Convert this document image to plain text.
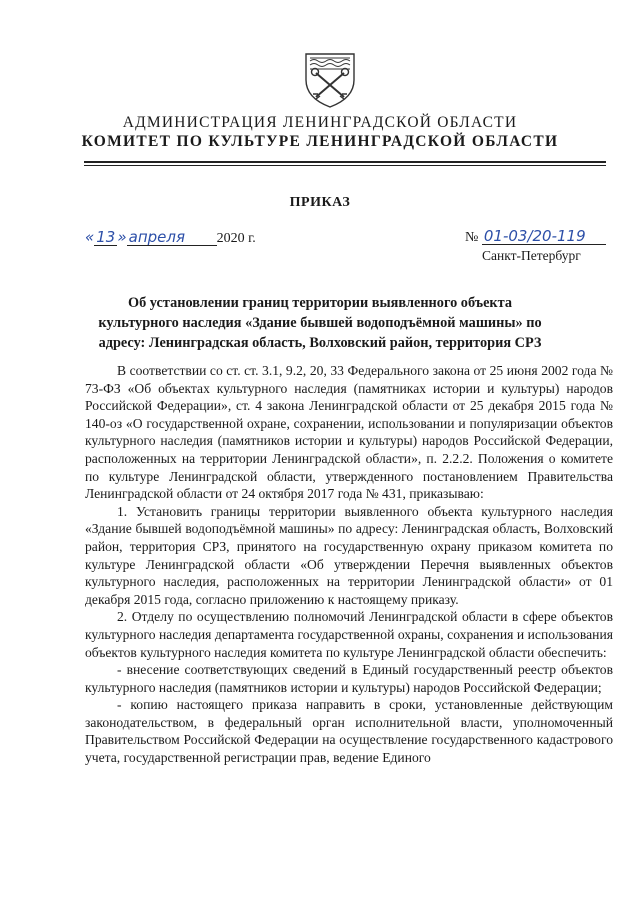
АДМИНИСТРАЦИЯ ЛЕНИНГРАДСКОЙ ОБЛАСТИ
КОМИТЕТ ПО КУЛЬТУРЕ ЛЕНИНГРАДСКОЙ ОБЛАСТИ
ПРИКАЗ
« 13 » апреля 2020 г.	№ 01-03/20-119
Санкт-Петербург
Об установлении границ территории выявленного объекта культурного наследия «Здание бывшей водоподъёмной машины» по адресу: Ленинградская область, Волховский район, территория СРЗ

В соответствии со ст. ст. 3.1, 9.2, 20, 33 Федерального закона от 25 июня 2002 года № 73-ФЗ «Об объектах культурного наследия (памятниках истории и культуры) народов Российской Федерации», ст. 4 закона Ленинградской области от 25 декабря 2015 года № 140-оз «О государственной охране, сохранении, использовании и популяризации объектов культурного наследия (памятников истории и культуры) народов Российской Федерации, расположенных на территории Ленинградской области», п. 2.2.2. Положения о комитете по культуре Ленинградской области, утвержденного постановлением Правительства Ленинградской области от 24 октября 2017 года № 431, приказываю:

1. Установить границы территории выявленного объекта культурного наследия «Здание бывшей водоподъёмной машины» по адресу: Ленинградская область, Волховский район, территория СРЗ, принятого на государственную охрану приказом комитета по культуре Ленинградской области «Об утверждении Перечня выявленных объектов культурного наследия, расположенных на территории Ленинградской области» от 01 декабря 2015 года, согласно приложению к настоящему приказу.

2. Отделу по осуществлению полномочий Ленинградской области в сфере объектов культурного наследия департамента государственной охраны, сохранения и использования объектов культурного наследия комитета по культуре Ленинградской области обеспечить:

- внесение соответствующих сведений в Единый государственный реестр объектов культурного наследия (памятников истории и культуры) народов Российской Федерации;

- копию настоящего приказа направить в сроки, установленные действующим законодательством, в федеральный орган исполнительной власти, уполномоченный Правительством Российской Федерации на осуществление государственного кадастрового учета, государственной регистрации прав, ведение Единого
